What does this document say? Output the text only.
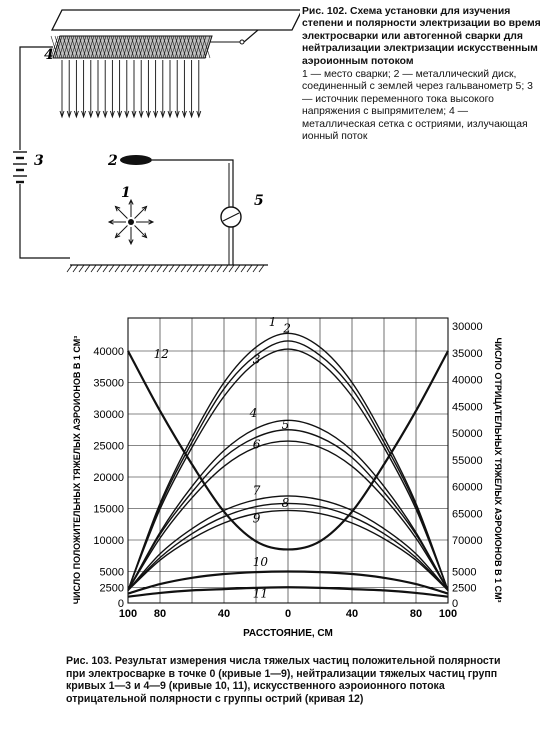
4
3	2
1	5
Рис. 102. Схема установки для изучения степени и полярности электризации во время электросварки или автогенной сварки для нейтрализации электризации искусственным аэроионным потоком
1 — место сварки; 2 — металлический диск, соединенный с землей через гальванометр 5; 3 — источник переменного тока высокого напряжения с выпрямителем; 4 — металлическая сетка с остриями, излучающая ионный поток
1 2
3
4
5
6
7
8
9
10
11
12
0
2500
5000
10000
15000
20000
25000
30000
35000
40000
0
2500
5000
70000
65000
60000
55000
50000
45000
40000
35000
30000
100 80	40	0	40	80 100
РАССТОЯНИЕ, СМ
ЧИСЛО ПОЛОЖИТЕЛЬНЫХ ТЯЖЕЛЫХ АЭРОИОНОВ В 1 СМ³	ЧИСЛО ОТРИЦАТЕЛЬНЫХ ТЯЖЕЛЫХ АЭРОИОНОВ В 1 СМ³
Рис. 103. Результат измерения числа тяжелых частиц положительной полярности при электросварке в точке 0 (кривые 1—9), нейтрализации тяжелых частиц групп кривых 1—3 и 4—9 (кривые 10, 11), искусственного аэроионного потока отрицательной полярности с группы острий (кривая 12)
